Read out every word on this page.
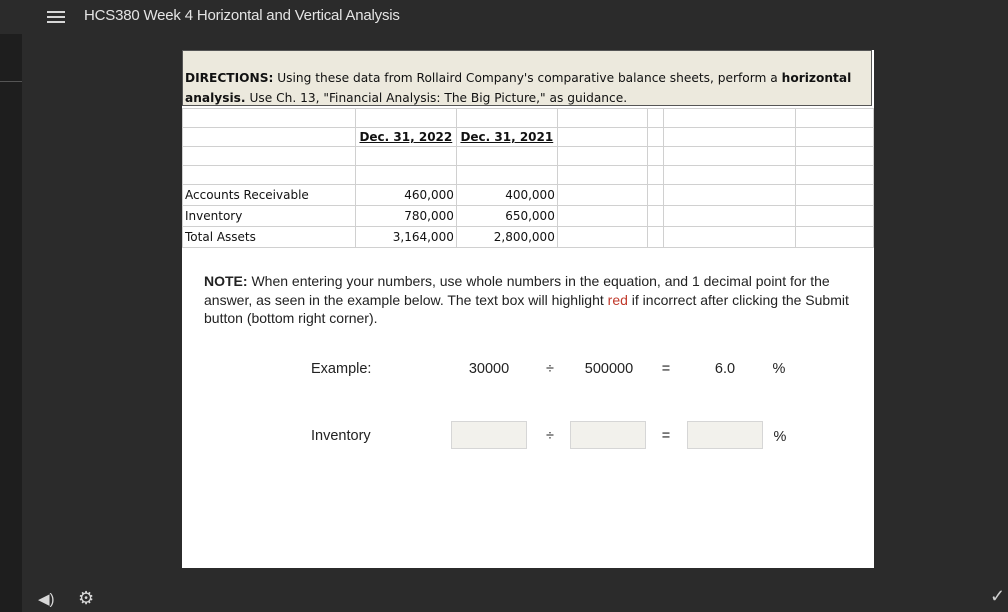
HCS380 Week 4 Horizontal and Vertical Analysis
DIRECTIONS: Using these data from Rollaird Company's comparative balance sheets, perform a horizontal analysis. Use Ch. 13, "Financial Analysis: The Big Picture," as guidance.

	Dec. 31, 2022	Dec. 31, 2021				

Accounts Receivable	460,000	400,000				
Inventory	780,000	650,000				
Total Assets	3,164,000	2,800,000				
NOTE: When entering your numbers, use whole numbers in the equation, and 1 decimal point for the answer, as seen in the example below. The text box will highlight red if incorrect after clicking the Submit button (bottom right corner).
Example:	30000	÷	500000	=	6.0	%
Inventory	÷	=	%
◀) ⚙	✓
